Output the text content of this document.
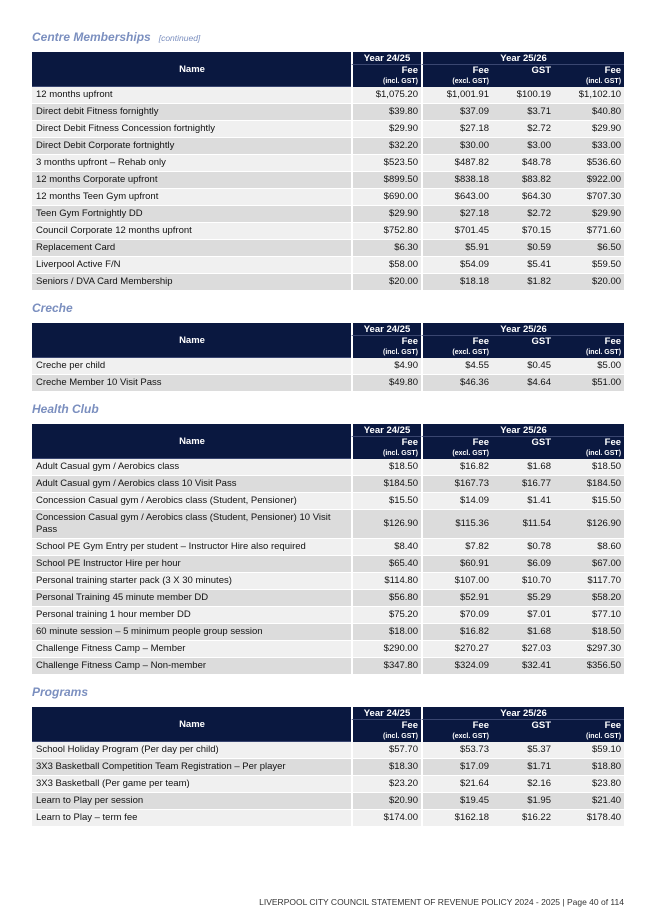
Centre Memberships [continued]
Name	Year 24/25	Year 25/26		
	Fee	Fee	GST	Fee
	(incl. GST)	(excl. GST)		(incl. GST)
12 months upfront	$1,075.20	$1,001.91	$100.19	$1,102.10
Direct debit Fitness fornightly	$39.80	$37.09	$3.71	$40.80
Direct Debit Fitness Concession fortnightly	$29.90	$27.18	$2.72	$29.90
Direct Debit Corporate fortnightly	$32.20	$30.00	$3.00	$33.00
3 months upfront – Rehab only	$523.50	$487.82	$48.78	$536.60
12 months Corporate upfront	$899.50	$838.18	$83.82	$922.00
12 months Teen Gym upfront	$690.00	$643.00	$64.30	$707.30
Teen Gym Fortnightly DD	$29.90	$27.18	$2.72	$29.90
Council Corporate 12 months upfront	$752.80	$701.45	$70.15	$771.60
Replacement Card	$6.30	$5.91	$0.59	$6.50
Liverpool Active F/N	$58.00	$54.09	$5.41	$59.50
Seniors / DVA Card Membership	$20.00	$18.18	$1.82	$20.00
Creche
Name	Year 24/25	Year 25/26		
	Fee	Fee	GST	Fee
	(incl. GST)	(excl. GST)		(incl. GST)
Creche per child	$4.90	$4.55	$0.45	$5.00
Creche Member 10 Visit Pass	$49.80	$46.36	$4.64	$51.00
Health Club
Name	Year 24/25	Year 25/26		
	Fee	Fee	GST	Fee
	(incl. GST)	(excl. GST)		(incl. GST)
Adult Casual gym / Aerobics class	$18.50	$16.82	$1.68	$18.50
Adult Casual gym / Aerobics class 10 Visit Pass	$184.50	$167.73	$16.77	$184.50
Concession Casual gym / Aerobics class (Student, Pensioner)	$15.50	$14.09	$1.41	$15.50
Concession Casual gym / Aerobics class (Student, Pensioner) 10 Visit Pass	$126.90	$115.36	$11.54	$126.90
School PE Gym Entry per student – Instructor Hire also required	$8.40	$7.82	$0.78	$8.60
School PE Instructor Hire per hour	$65.40	$60.91	$6.09	$67.00
Personal training starter pack (3 X 30 minutes)	$114.80	$107.00	$10.70	$117.70
Personal Training 45 minute member DD	$56.80	$52.91	$5.29	$58.20
Personal training 1 hour member DD	$75.20	$70.09	$7.01	$77.10
60 minute session – 5 minimum people group session	$18.00	$16.82	$1.68	$18.50
Challenge Fitness Camp – Member	$290.00	$270.27	$27.03	$297.30
Challenge Fitness Camp – Non-member	$347.80	$324.09	$32.41	$356.50
Programs
Name	Year 24/25	Year 25/26		
	Fee	Fee	GST	Fee
	(incl. GST)	(excl. GST)		(incl. GST)
School Holiday Program (Per day per child)	$57.70	$53.73	$5.37	$59.10
3X3 Basketball Competition Team Registration – Per player	$18.30	$17.09	$1.71	$18.80
3X3 Basketball (Per game per team)	$23.20	$21.64	$2.16	$23.80
Learn to Play per session	$20.90	$19.45	$1.95	$21.40
Learn to Play – term fee	$174.00	$162.18	$16.22	$178.40
LIVERPOOL CITY COUNCIL STATEMENT OF REVENUE POLICY 2024 - 2025 | Page 40 of 114
